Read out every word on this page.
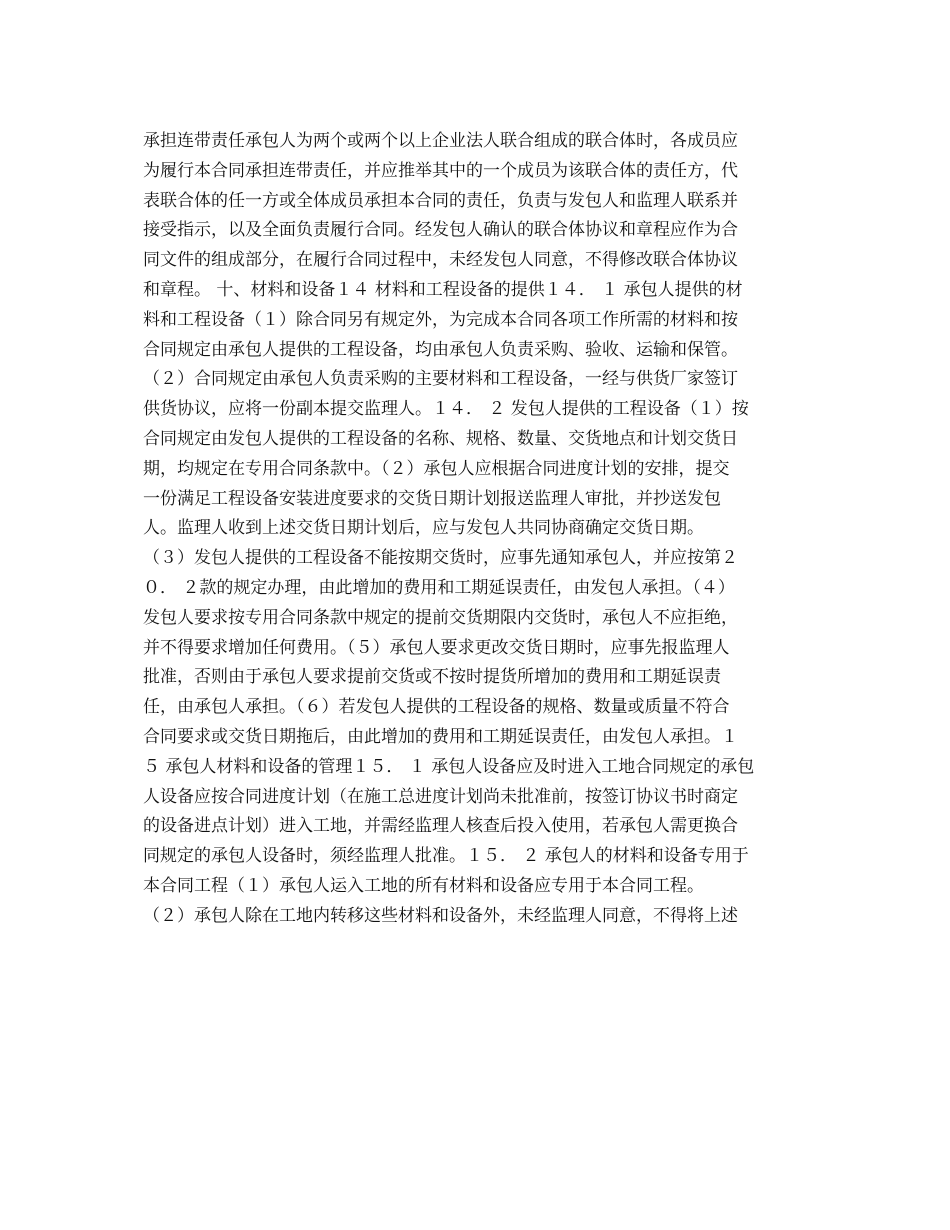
承担连带责任承包人为两个或两个以上企业法人联合组成的联合体时，各成员应
为履行本合同承担连带责任，并应推举其中的一个成员为该联合体的责任方，代
表联合体的任一方或全体成员承担本合同的责任，负责与发包人和监理人联系并
接受指示，以及全面负责履行合同。经发包人确认的联合体协议和章程应作为合
同文件的组成部分，在履行合同过程中，未经发包人同意，不得修改联合体协议
和章程。 十、材料和设备１４ 材料和工程设备的提供１４． １ 承包人提供的材
料和工程设备（１）除合同另有规定外，为完成本合同各项工作所需的材料和按
合同规定由承包人提供的工程设备，均由承包人负责采购、验收、运输和保管。
（２）合同规定由承包人负责采购的主要材料和工程设备，一经与供货厂家签订
供货协议，应将一份副本提交监理人。１４． ２ 发包人提供的工程设备（１）按
合同规定由发包人提供的工程设备的名称、规格、数量、交货地点和计划交货日
期，均规定在专用合同条款中。（２）承包人应根据合同进度计划的安排，提交
一份满足工程设备安装进度要求的交货日期计划报送监理人审批，并抄送发包
人。监理人收到上述交货日期计划后，应与发包人共同协商确定交货日期。
（３）发包人提供的工程设备不能按期交货时，应事先通知承包人，并应按第２
０． ２款的规定办理，由此增加的费用和工期延误责任，由发包人承担。（４）
发包人要求按专用合同条款中规定的提前交货期限内交货时，承包人不应拒绝，
并不得要求增加任何费用。（５）承包人要求更改交货日期时，应事先报监理人
批准，否则由于承包人要求提前交货或不按时提货所增加的费用和工期延误责
任，由承包人承担。（６）若发包人提供的工程设备的规格、数量或质量不符合
合同要求或交货日期拖后，由此增加的费用和工期延误责任，由发包人承担。１
５ 承包人材料和设备的管理１５． １ 承包人设备应及时进入工地合同规定的承包
人设备应按合同进度计划（在施工总进度计划尚未批准前，按签订协议书时商定
的设备进点计划）进入工地，并需经监理人核查后投入使用，若承包人需更换合
同规定的承包人设备时，须经监理人批准。１５． ２ 承包人的材料和设备专用于
本合同工程（１）承包人运入工地的所有材料和设备应专用于本合同工程。
（２）承包人除在工地内转移这些材料和设备外，未经监理人同意，不得将上述
